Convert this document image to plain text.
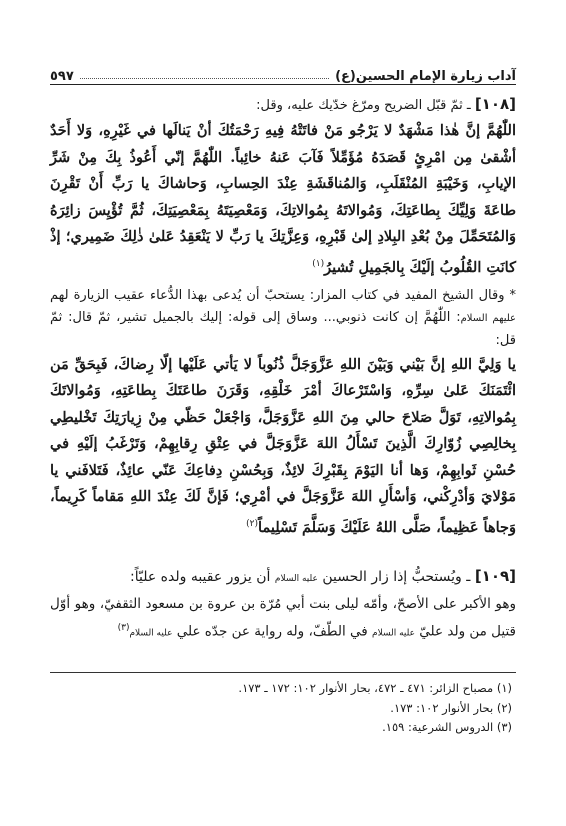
آداب زيارة الإمام الحسين(ع)
٥٩٧

[١٠٨] ـ ثمّ قبّل الضريح ومرّغ خدّيك عليه، وقل:

اللّٰهُمَّ إنَّ هٰذا مَشْهَدٌ لا يَرْجُو مَنْ فاتَتْهُ فِيهِ رَحْمَتُكَ أنْ يَنالَها في غَيْرِهِ، وَلا أَحَدٌ أشْقىٰ مِن امْرِئٍ قَصَدَهُ مُؤَمِّلاً فَآبَ عَنهُ خائِباً. اللّٰهُمَّ إنّي أَعُوذُ بِكَ مِنْ شَرِّ الإيابِ، وَخَيْبَةِ المُنْقَلَبِ، وَالمُناقَشَةِ عِنْدَ الحِسابِ، وَحاشاكَ يا رَبِّ أَنْ تَقْرِنَ طاعَةَ وَلِيِّكَ بِطاعَتِكَ، وَمُوالاتَهُ بِمُوالاتِكَ، وَمَعْصِيَتَهُ بِمَعْصِيَتِكَ، ثُمَّ تُؤْيِسَ زائِرَهُ وَالمُتَحَمِّلَ مِنْ بُعْدِ البِلادِ إلىٰ قَبْرِهِ، وَعِزَّتِكَ يا رَبِّ لا يَنْعَقِدُ عَلىٰ ذٰلِكَ ضَمِيري؛ إذْ كانَتِ القُلُوبُ إلَيْكَ بِالجَمِيلِ تُشيرُ$^{(١)}$

* وقال الشيخ المفيد في كتاب المزار: يستحبّ أن يُدعى بهذا الدُّعاء عقيب الزيارة لهم عليهم السلام: اللّٰهُمَّ إن كانت ذنوبي... وساق إلى قوله: إليك بالجميل تشير، ثمّ قال: ثمّ قل:

يا وَلِيَّ اللهِ إنَّ بَيْني وَبَيْنَ اللهِ عَزَّوَجَلَّ ذُنُوباً لا يَأتي عَلَيْها إلّا رِضاكَ، فَبِحَقِّ مَن ائْتَمَنَكَ عَلىٰ سِرِّهِ، وَاسْتَرْعاكَ أمْرَ خَلْقِهِ، وَقَرَنَ طاعَتَكَ بِطاعَتِهِ، وَمُوالاتَكَ بِمُوالاتِهِ، تَوَلَّ صَلاحَ حالي مِنَ اللهِ عَزَّوَجَلَّ، وَاجْعَلْ حَظّي مِنْ زِيارَتِكَ تَخْليطِي بِخالِصِي زُوّارِكَ الَّذِينَ تَسْأَلُ اللهَ عَزَّوَجَلَّ في عِتْقِ رِقابِهِمْ، وَتَرْغَبُ إلَيْهِ في حُسْنِ ثَوابِهِمْ، وَها أنا اليَوْمَ بِقَبْرِكَ لائِذٌ، وَبِحُسْنِ دِفاعِكَ عَنّي عائِذٌ، فَتَلافَني يا مَوْلايَ وَأدْرِكْني، وَأسْأَلِ اللهَ عَزَّوَجَلَّ في أمْرِي؛ فَإنَّ لَكَ عِنْدَ اللهِ مَقاماً كَرِيماً، وَجاهاً عَظِيماً، صَلَّى اللهُ عَلَيْكَ وَسَلَّمَ تَسْلِيماً$^{(٢)}$

[١٠٩] ـ ويُستحبُّ إذا زار الحسين عليه السلام أن يزور عقيبه ولده عليّاً:

وهو الأكبر على الأصحّ، وأمّه ليلى بنت أبي مُرّة بن عروة بن مسعود الثقفيّ، وهو أوّل قتيل من ولد عليّ عليه السلام في الطّفّ، وله رواية عن جدّه علي عليه السلام$^{(٣)}$

(١) مصباح الزائر: ٤٧١ ـ ٤٧٢، بحار الأنوار ١٠٢: ١٧٢ ـ ١٧٣.

(٢) بحار الأنوار ١٠٢: ١٧٣.

(٣) الدروس الشرعية: ١٥٩.
